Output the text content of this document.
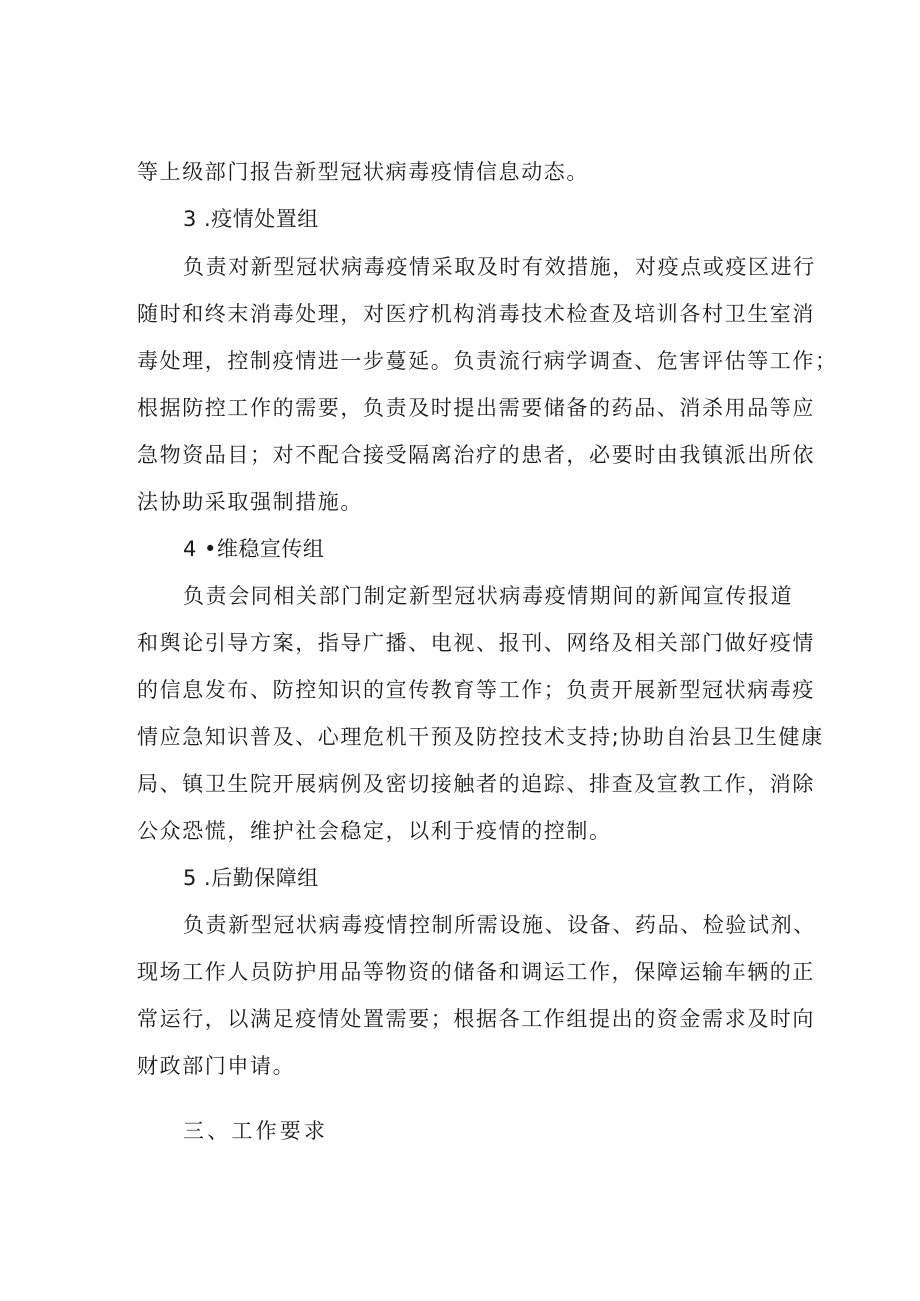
等上级部门报告新型冠状病毒疫情信息动态。
3 .疫情处置组
负责对新型冠状病毒疫情采取及时有效措施，对疫点或疫区进行
随时和终末消毒处理，对医疗机构消毒技术检查及培训各村卫生室消
毒处理，控制疫情进一步蔓延。负责流行病学调查、危害评估等工作；
根据防控工作的需要，负责及时提出需要储备的药品、消杀用品等应
急物资品目；对不配合接受隔离治疗的患者，必要时由我镇派出所依
法协助采取强制措施。
4 •维稳宣传组
负责会同相关部门制定新型冠状病毒疫情期间的新闻宣传报道
和舆论引导方案，指导广播、电视、报刊、网络及相关部门做好疫情
的信息发布、防控知识的宣传教育等工作；负责开展新型冠状病毒疫
情应急知识普及、心理危机干预及防控技术支持;协助自治县卫生健康
局、镇卫生院开展病例及密切接触者的追踪、排查及宣教工作，消除
公众恐慌，维护社会稳定，以利于疫情的控制。
5 .后勤保障组
负责新型冠状病毒疫情控制所需设施、设备、药品、检验试剂、
现场工作人员防护用品等物资的储备和调运工作，保障运输车辆的正
常运行，以满足疫情处置需要；根据各工作组提出的资金需求及时向
财政部门申请。
三、工作要求
